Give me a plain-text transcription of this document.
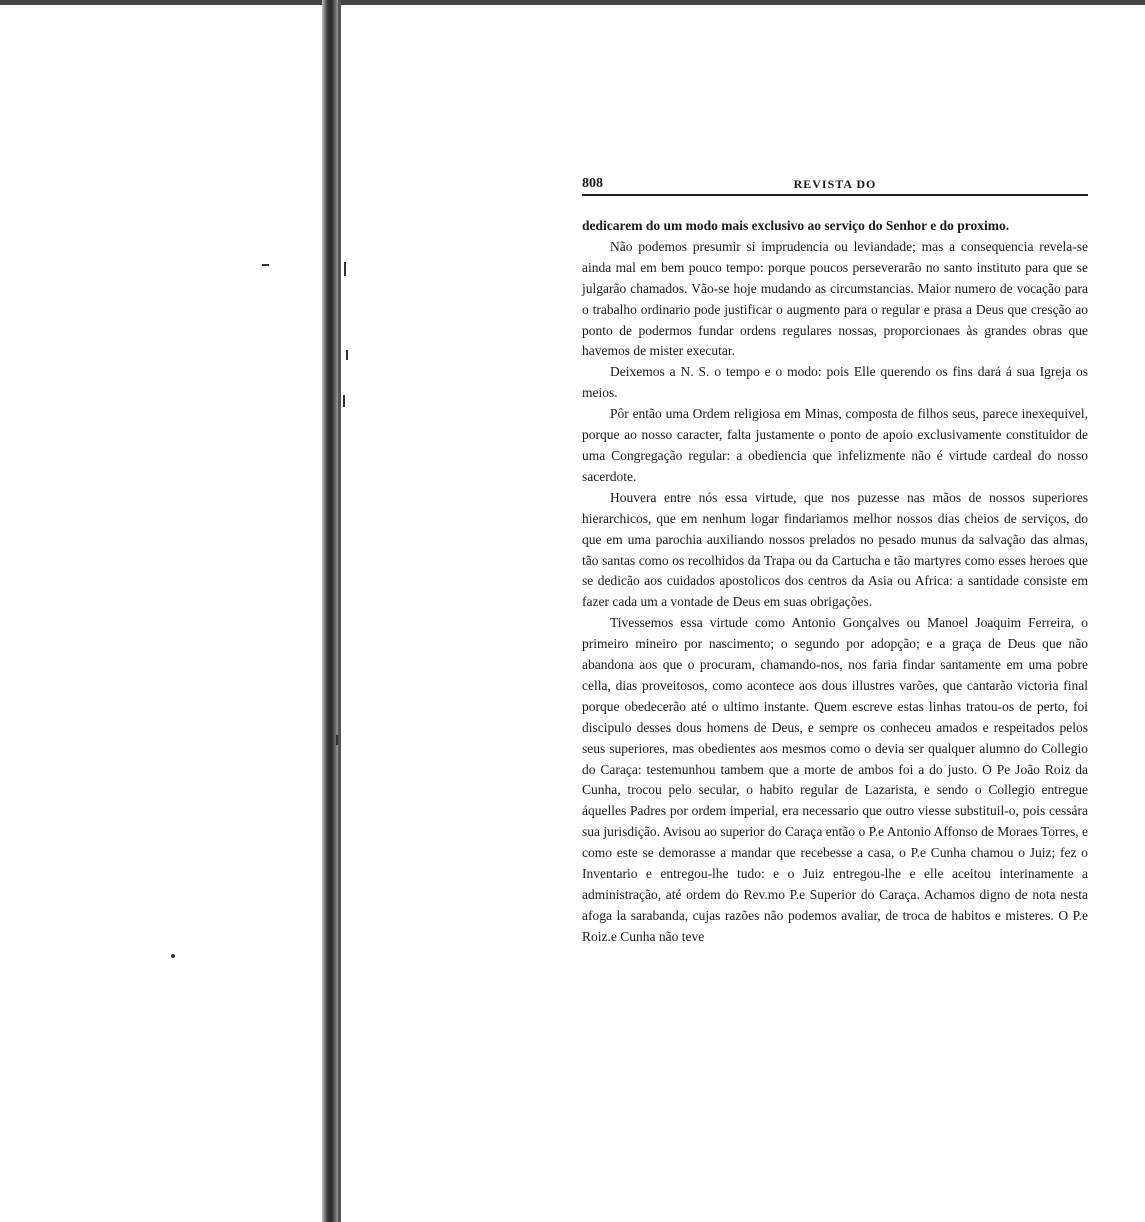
808	REVISTA DO

dedicarem do um modo mais exclusivo ao serviço do Senhor e do proximo.

Não podemos presumir si imprudencia ou leviandade; mas a consequencia revela-se ainda mal em bem pouco tempo: porque poucos perseverarão no santo instituto para que se julgarão chamados. Vão-se hoje mudando as circumstancias. Maior numero de vocação para o trabalho ordinario pode justificar o augmento para o regular e prasa a Deus que cresção ao ponto de podermos fundar ordens regulares nossas, proporcionaes às grandes obras que havemos de mister executar.

Deixemos a N. S. o tempo e o modo: pois Elle querendo os fins dará á sua Igreja os meios.

Pôr então uma Ordem religiosa em Minas, composta de filhos seus, parece inexequivel, porque ao nosso caracter, falta justamente o ponto de apoio exclusivamente constituidor de uma Congregação regular: a obediencia que infelizmente não é virtude cardeal do nosso sacerdote.

Houvera entre nós essa virtude, que nos puzesse nas mãos de nossos superiores hierarchicos, que em nenhum logar findariamos melhor nossos dias cheios de serviços, do que em uma parochia auxiliando nossos prelados no pesado munus da salvação das almas, tão santas como os recolhidos da Trapa ou da Cartucha e tão martyres como esses heroes que se dedicão aos cuidados apostolicos dos centros da Asia ou Africa: a santidade consiste em fazer cada um a vontade de Deus em suas obrigações.

Tivessemos essa virtude como Antonio Gonçalves ou Manoel Joaquim Ferreira, o primeiro mineiro por nascimento; o segundo por adopção; e a graça de Deus que não abandona aos que o procuram, chamando-nos, nos faria findar santamente em uma pobre cella, dias proveitosos, como acontece aos dous illustres varões, que cantarão victoria final porque obedecerão até o ultimo instante. Quem escreve estas linhas tratou-os de perto, foi discipulo desses dous homens de Deus, e sempre os conheceu amados e respeitados pelos seus superiores, mas obedientes aos mesmos como o devia ser qualquer alumno do Collegio do Caraça: testemunhou tambem que a morte de ambos foi a do justo. O Pe João Roiz da Cunha, trocou pelo secular, o habito regular de Lazarista, e sendo o Collegio entregue áquelles Padres por ordem imperial, era necessario que outro viesse substituil-o, pois cessára sua jurisdição. Avisou ao superior do Caraça então o P.e Antonio Affonso de Moraes Torres, e como este se demorasse a mandar que recebesse a casa, o P.e Cunha chamou o Juiz; fez o Inventario e entregou-lhe tudo: e o Juiz entregou-lhe e elle aceitou interinamente a administração, até ordem do Rev.mo P.e Superior do Caraça. Achamos digno de nota nesta afoga la sarabanda, cujas razões não podemos avaliar, de troca de habitos e misteres. O P.e Roiz.e Cunha não teve
